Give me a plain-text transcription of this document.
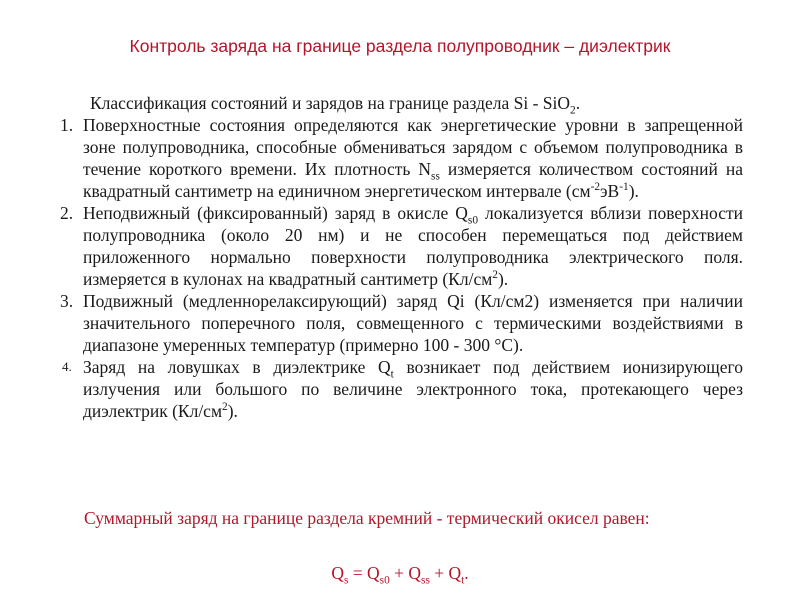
Контроль заряда на границе раздела полупроводник – диэлектрик
Классификация состояний и зарядов на границе раздела Si - SiO$_2$.
1. Поверхностные состояния определяются как энергетические уровни в запрещенной зоне полупроводника, способные обмениваться зарядом с объемом полупроводника в течение короткого времени. Их плотность $N_{ss}$ измеряется количеством состояний на квадратный сантиметр на единичном энергетическом интервале $(см^{-2}эВ^{-1})$.
2. Неподвижный (фиксированный) заряд в окисле $Q_{s0}$ локализуется вблизи поверхности полупроводника (около 20 нм) и не способен перемещаться под действием приложенного нормально поверхности полупроводника электрического поля. измеряется в кулонах на квадратный сантиметр $(Кл/см^2)$.
3. Подвижный (медленнорелаксирующий) заряд Qi (Кл/см2) изменяется при наличии значительного поперечного поля, совмещенного с термическими воздействиями в диапазоне умеренных температур (примерно 100 - 300 °С).
4. Заряд на ловушках в диэлектрике $Q_t$ возникает под действием ионизирующего излучения или большого по величине электронного тока, протекающего через диэлектрик $(Кл/см^2)$.
Суммарный заряд на границе раздела кремний - термический окисел равен:
$Q_s = Q_{s0} + Q_{ss} + Q_t$.
